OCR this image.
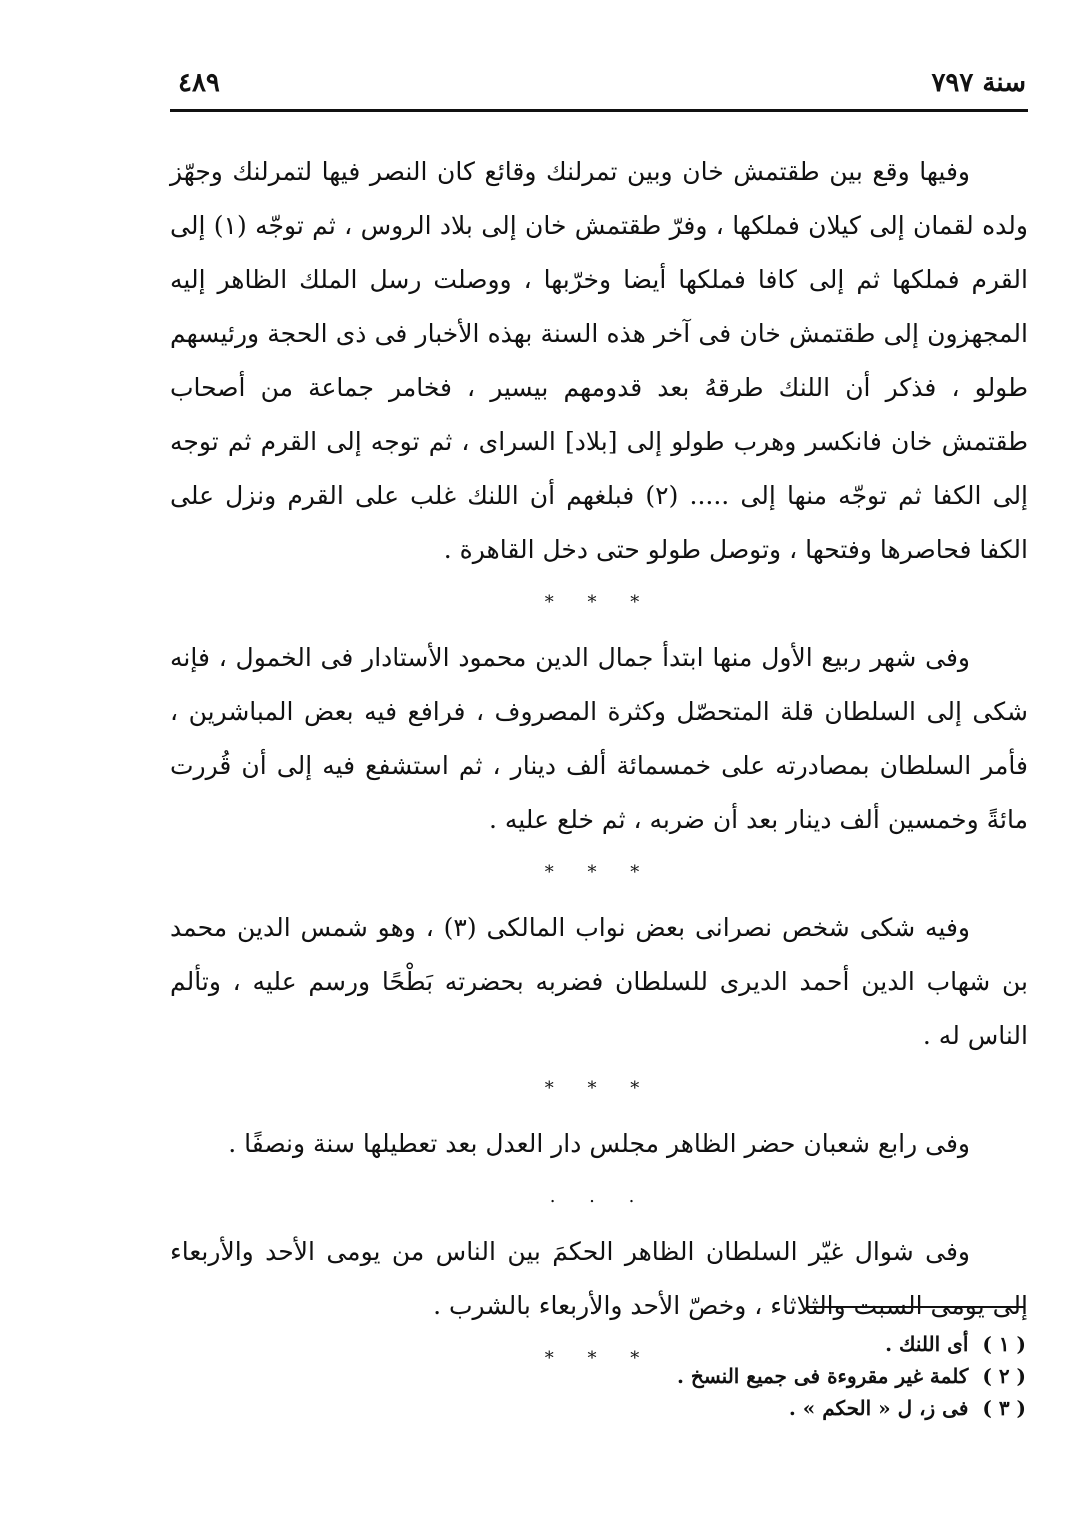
سنة ٧٩٧
٤٨٩

وفيها وقع بين طقتمش خان وبين تمرلنك وقائع كان النصر فيها لتمرلنك وجهّز ولده لقمان إلى كيلان فملكها ، وفرّ طقتمش خان إلى بلاد الروس ، ثم توجّه (١) إلى القرم فملكها ثم إلى كافا فملكها أيضا وخرّبها ، ووصلت رسل الملك الظاهر إليه المجهزون إلى طقتمش خان فى آخر هذه السنة بهذه الأخبار فى ذى الحجة ورئيسهم طولو ، فذكر أن اللنك طرقهُ بعد قدومهم بيسير ، فخامر جماعة من أصحاب طقتمش خان فانكسر وهرب طولو إلى [بلاد] السراى ، ثم توجه إلى القرم ثم توجه إلى الكفا ثم توجّه منها إلى ..... (٢) فبلغهم أن اللنك غلب على القرم ونزل على الكفا فحاصرها وفتحها ، وتوصل طولو حتى دخل القاهرة .

* * *

وفى شهر ربيع الأول منها ابتدأ جمال الدين محمود الأستادار فى الخمول ، فإنه شكى إلى السلطان قلة المتحصّل وكثرة المصروف ، فرافع فيه بعض المباشرين ، فأمر السلطان بمصادرته على خمسمائة ألف دينار ، ثم استشفع فيه إلى أن قُررت مائةً وخمسين ألف دينار بعد أن ضربه ، ثم خلع عليه .

* * *

وفيه شكى شخص نصرانى بعض نواب المالكى (٣) ، وهو شمس الدين محمد بن شهاب الدين أحمد الديرى للسلطان فضربه بحضرته بَطْحًا ورسم عليه ، وتألم الناس له .

* * *

وفى رابع شعبان حضر الظاهر مجلس دار العدل بعد تعطيلها سنة ونصفًا .

. . .

وفى شوال غيّر السلطان الظاهر الحكمَ بين الناس من يومى الأحد والأربعاء إلى يومى السبت والثلاثاء ، وخصّ الأحد والأربعاء بالشرب .

* * *

( ١ )أى اللنك .

( ٢ )كلمة غير مقروءة فى جميع النسخ .

( ٣ )فى ز، ل « الحكم » .
